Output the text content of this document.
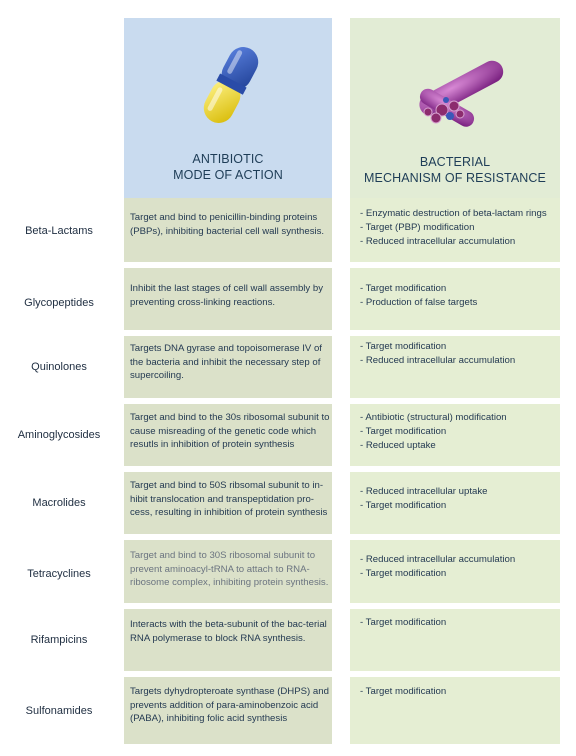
ANTIBIOTIC
MODE OF ACTION
BACTERIAL
MECHANISM OF RESISTANCE
Beta-Lactams
Target and bind to penicillin-binding proteins (PBPs), inhibiting bacterial cell wall synthesis.
- Enzymatic destruction of beta-lactam rings
- Target (PBP) modification
- Reduced intracellular accumulation
Glycopeptides
Inhibit the last stages of cell wall assembly by preventing cross-linking reactions.
- Target modification
- Production of false targets
Quinolones
Targets DNA gyrase and topoisomerase IV of the bacteria and inhibit the necessary step of supercoiling.
- Target modification
- Reduced intracellular accumulation
Aminoglycosides
Target and bind to the 30s ribosomal subunit to cause misreading of the genetic code which resutls in inhibition of protein synthesis
- Antibiotic (structural) modification
- Target modification
- Reduced uptake
Macrolides
Target and bind to 50S ribsomal subunit to in-hibit translocation and transpeptidation pro-cess, resulting in inhibition of protein synthesis
- Reduced intracellular uptake
- Target modification
Tetracyclines
Target and bind to 30S ribosomal subunit to prevent aminoacyl-tRNA to attach to RNA-ribosome complex, inhibiting protein synthesis.
- Reduced intracellular accumulation
- Target modification
Rifampicins
Interacts with the beta-subunit of the bac-terial RNA polymerase to block RNA synthesis.
- Target modification
Sulfonamides
Targets dyhydropteroate synthase (DHPS) and prevents addition of para-aminobenzoic acid (PABA), inhibiting folic acid synthesis
- Target modification
